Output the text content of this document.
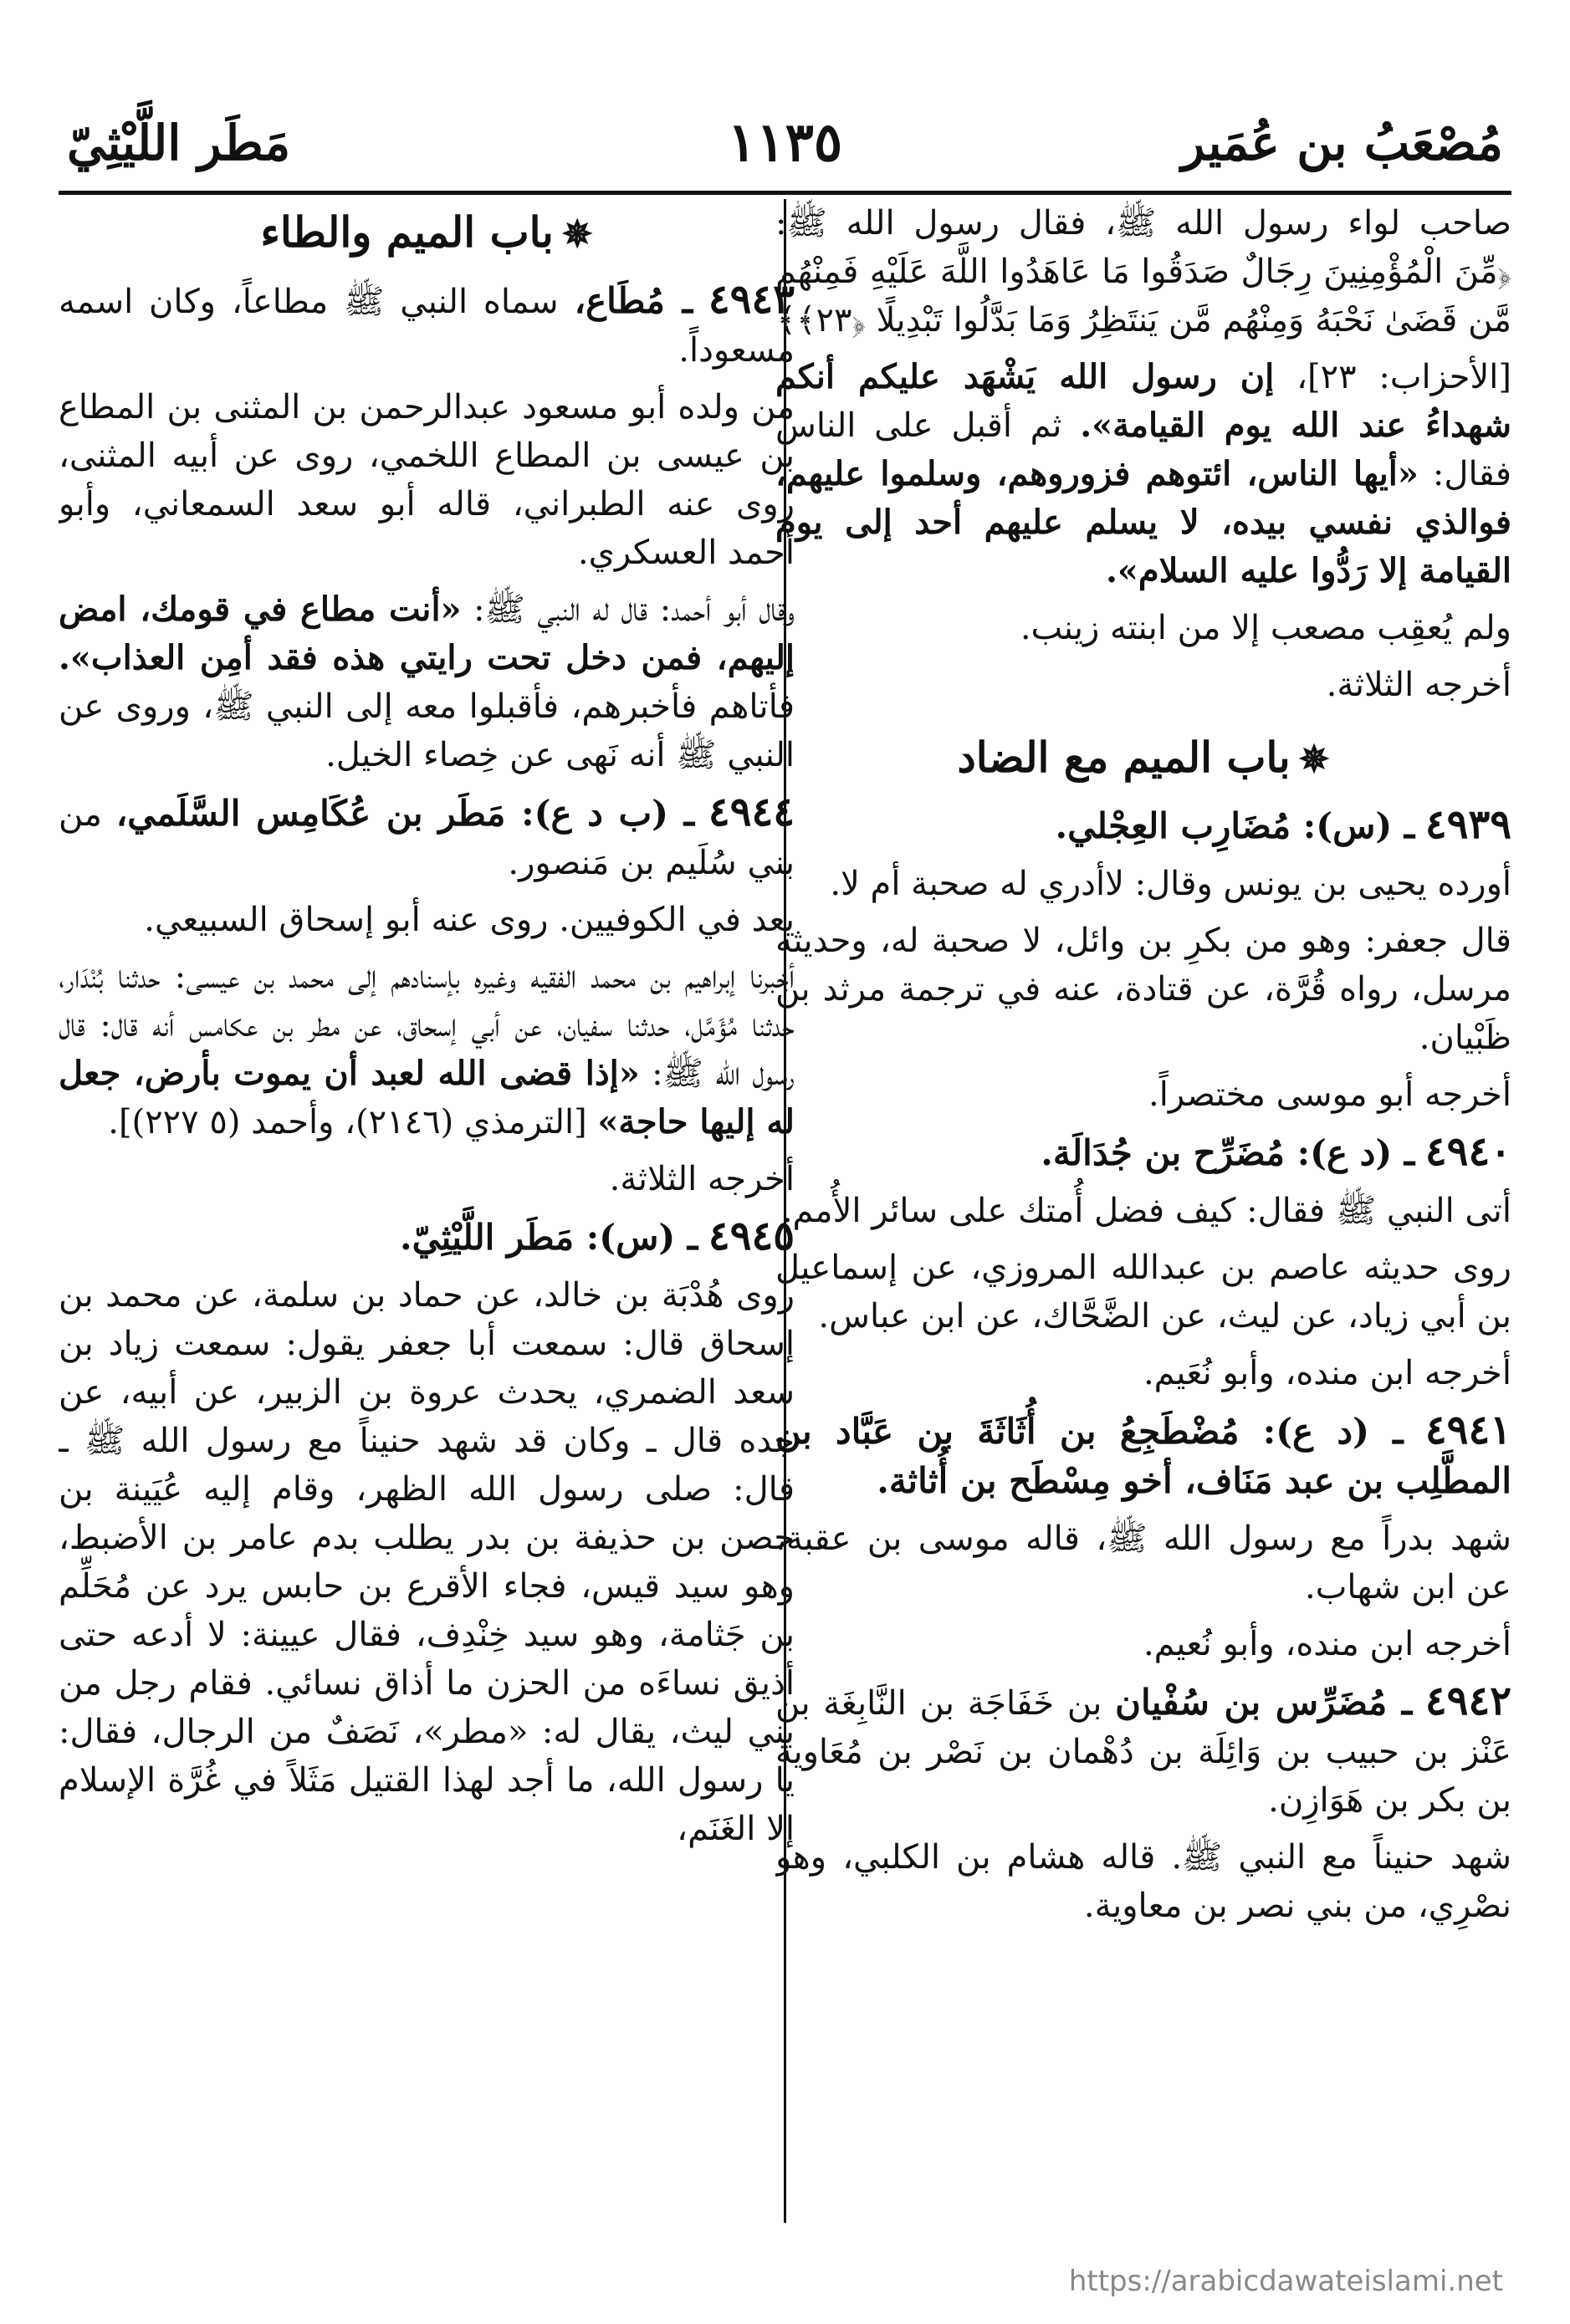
مُصْعَبُ بن عُمَير
١١٣٥
مَطَر اللَّيْثِيّ

صاحب لواء رسول الله ﷺ، فقال رسول الله ﷺ: ﴿مِّنَ الْمُؤْمِنِينَ رِجَالٌ صَدَقُوا مَا عَاهَدُوا اللَّهَ عَلَيْهِ فَمِنْهُم مَّن قَضَىٰ نَحْبَهُ وَمِنْهُم مَّن يَنتَظِرُ وَمَا بَدَّلُوا تَبْدِيلًا ﴿٢٣﴾﴾

[الأحزاب: ٢٣]، إن رسول الله يَشْهَد عليكم أنكم شهداءُ عند الله يوم القيامة». ثم أقبل على الناس فقال: «أيها الناس، ائتوهم فزوروهم، وسلموا عليهم، فوالذي نفسي بيده، لا يسلم عليهم أحد إلى يوم القيامة إلا رَدُّوا عليه السلام».

ولم يُعقِب مصعب إلا من ابنته زينب.

أخرجه الثلاثة.

✵باب الميم مع الضاد

٤٩٣٩ ـ (س): مُضَارِب العِجْلي.

أورده يحيى بن يونس وقال: لاأدري له صحبة أم لا.

قال جعفر: وهو من بكرِ بن وائل، لا صحبة له، وحديثه مرسل، رواه قُرَّة، عن قتادة، عنه في ترجمة مرثد بن ظَبْيان.

أخرجه أبو موسى مختصراً.

٤٩٤٠ ـ (د ع): مُضَرِّح بن جُدَالَة.

أتى النبي ﷺ فقال: كيف فضل أُمتك على سائر الأُمم.

روى حديثه عاصم بن عبدالله المروزي، عن إسماعيل بن أبي زياد، عن ليث، عن الضَّحَّاك، عن ابن عباس.

أخرجه ابن منده، وأبو نُعَيم.

٤٩٤١ ـ (د ع): مُضْطَجِعُ بن أُثَاثَةَ بن عَبَّاد بن المطَّلِب بن عبد مَنَاف، أخو مِسْطَح بن أُثاثة.

شهد بدراً مع رسول الله ﷺ، قاله موسى بن عقبة، عن ابن شهاب.

أخرجه ابن منده، وأبو نُعيم.

٤٩٤٢ ـ مُضَرِّس بن سُفْيان بن خَفَاجَة بن النَّابِغَة بن عَنْز بن حبيب بن وَائِلَة بن دُهْمان بن نَصْر بن مُعَاوية بن بكر بن هَوَازِن.

شهد حنيناً مع النبي ﷺ. قاله هشام بن الكلبي، وهو نصْرِي، من بني نصر بن معاوية.

✵باب الميم والطاء

٤٩٤٣ ـ مُطَاع، سماه النبي ﷺ مطاعاً، وكان اسمه مسعوداً.

من ولده أبو مسعود عبدالرحمن بن المثنى بن المطاع بن عيسى بن المطاع اللخمي، روى عن أبيه المثنى، روى عنه الطبراني، قاله أبو سعد السمعاني، وأبو أحمد العسكري.

وقال أبو أحمد: قال له النبي ﷺ: «أنت مطاع في قومك، امض إليهم، فمن دخل تحت رايتي هذه فقد أمِن العذاب». فأتاهم فأخبرهم، فأقبلوا معه إلى النبي ﷺ، وروى عن النبي ﷺ أنه نَهى عن خِصاء الخيل.

٤٩٤٤ ـ (ب د ع): مَطَر بن عُكَامِس السَّلَمي، من بني سُلَيم بن مَنصور.

يعد في الكوفيين. روى عنه أبو إسحاق السبيعي.

أخبرنا إبراهيم بن محمد الفقيه وغيره بإسنادهم إلى محمد بن عيسى: حدثنا بُنْدَار، حدثنا مُؤَمَّل، حدثنا سفيان، عن أبي إسحاق، عن مطر بن عكامس أنه قال: قال رسول الله ﷺ: «إذا قضى الله لعبد أن يموت بأرض، جعل له إليها حاجة» [الترمذي (٢١٤٦)، وأحمد (٥ ٢٢٧)].

أخرجه الثلاثة.

٤٩٤٥ ـ (س): مَطَر اللَّيْثِيّ.

روى هُدْبَة بن خالد، عن حماد بن سلمة، عن محمد بن إسحاق قال: سمعت أبا جعفر يقول: سمعت زياد بن سعد الضمري، يحدث عروة بن الزبير، عن أبيه، عن جده قال ـ وكان قد شهد حنيناً مع رسول الله ﷺ ـ قال: صلى رسول الله الظهر، وقام إليه عُيَينة بن حصن بن حذيفة بن بدر يطلب بدم عامر بن الأضبط، وهو سيد قيس، فجاء الأقرع بن حابس يرد عن مُحَلِّم بن جَثامة، وهو سيد خِنْدِف، فقال عيينة: لا أدعه حتى أذيق نساءَه من الحزن ما أذاق نسائي. فقام رجل من بني ليث، يقال له: «مطر»، نَصَفٌ من الرجال، فقال: يا رسول الله، ما أجد لهذا القتيل مَثَلاً في غُرَّة الإسلام إلا الغَنَم،

https://arabicdawateislami.net
